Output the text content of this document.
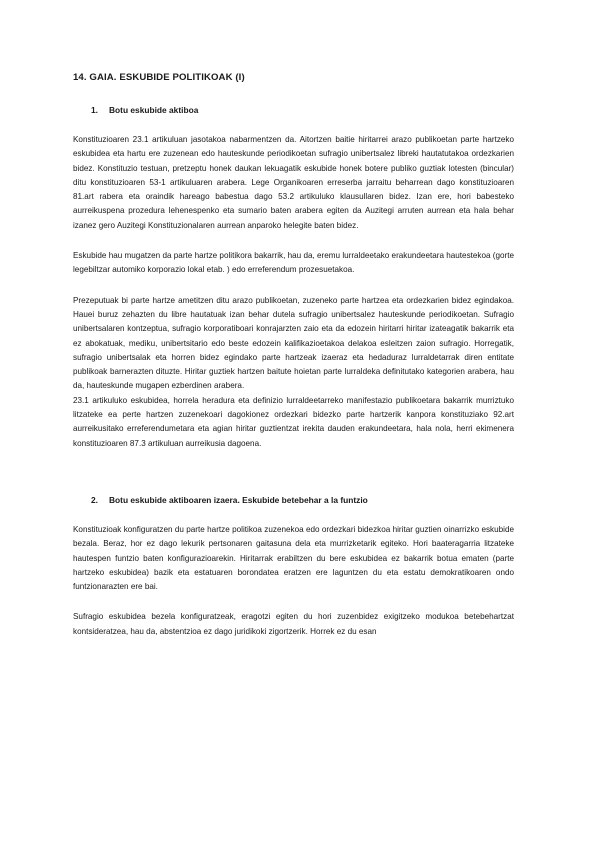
14. GAIA. ESKUBIDE POLITIKOAK (I)
1. Botu eskubide aktiboa

Konstituzioaren 23.1 artikuluan jasotakoa nabarmentzen da. Aitortzen baitie hiritarrei arazo publikoetan parte hartzeko eskubidea eta hartu ere zuzenean edo hauteskunde periodikoetan sufragio unibertsalez libreki hautatutakoa ordezkarien bidez. Konstituzio testuan, pretzeptu honek daukan lekuagatik eskubide honek botere publiko guztiak lotesten (bincular) ditu konstituzioaren 53-1 artikuluaren arabera. Lege Organikoaren erreserba jarraitu beharrean dago konstituzioaren 81.art rabera eta oraindik hareago babestua dago 53.2 artikuluko klausullaren bidez. Izan ere, hori babesteko aurreikuspena prozedura lehenespenko eta sumario baten arabera egiten da Auzitegi arruten aurrean eta hala behar izanez gero Auzitegi Konstituzionalaren aurrean anparoko helegite baten bidez.

Eskubide hau mugatzen da parte hartze politikora bakarrik, hau da, eremu lurraldeetako erakundeetara hautestekoa (gorte legebiltzar automiko korporazio lokal etab. ) edo erreferendum prozesuetakoa.

Prezeputuak bi parte hartze ametitzen ditu arazo publikoetan, zuzeneko parte hartzea eta ordezkarien bidez egindakoa. Hauei buruz zehazten du libre hautatuak izan behar dutela sufragio unibertsalez hauteskunde periodikoetan. Sufragio unibertsalaren kontzeptua, sufragio korporatiboari konrajarzten zaio eta da edozein hiritarri hiritar izateagatik bakarrik eta ez abokatuak, mediku, unibertsitario edo beste edozein kalifikazioetakoa delakoa esleitzen zaion sufragio. Horregatik, sufragio unibertsalak eta horren bidez egindako parte hartzeak izaeraz eta hedaduraz lurraldetarrak diren entitate publikoak barnerazten dituzte. Hiritar guztiek hartzen baitute hoietan parte lurraldeka definitutako kategorien arabera, hau da, hauteskunde mugapen ezberdinen arabera.

23.1 artikuluko eskubidea, horrela heradura eta definizio lurraldeetarreko manifestazio publikoetara bakarrik murriztuko litzateke ea perte hartzen zuzenekoari dagokionez ordezkari bidezko parte hartzerik kanpora konstituziako 92.art aurreikusitako erreferendumetara eta agian hiritar guztientzat irekita dauden erakundeetara, hala nola, herri ekimenera konstituzioaren 87.3 artikuluan aurreikusia dagoena.

2. Botu eskubide aktiboaren izaera. Eskubide betebehar a la funtzio

Konstituzioak konfiguratzen du parte hartze politikoa zuzenekoa edo ordezkari bidezkoa hiritar guztien oinarrizko eskubide bezala. Beraz, hor ez dago lekurik pertsonaren gaitasuna dela eta murrizketarik egiteko. Hori baateragarria litzateke hautespen funtzio baten konfigurazioarekin. Hiritarrak erabiltzen du bere eskubidea ez bakarrik botua ematen (parte hartzeko eskubidea) bazik eta estatuaren borondatea eratzen ere laguntzen du eta estatu demokratikoaren ondo funtzionarazten ere bai.

Sufragio eskubidea bezela konfiguratzeak, eragotzi egiten du hori zuzenbidez exigitzeko modukoa betebehartzat kontsideratzea, hau da, abstentzioa ez dago juridikoki zigortzerik. Horrek ez du esan
